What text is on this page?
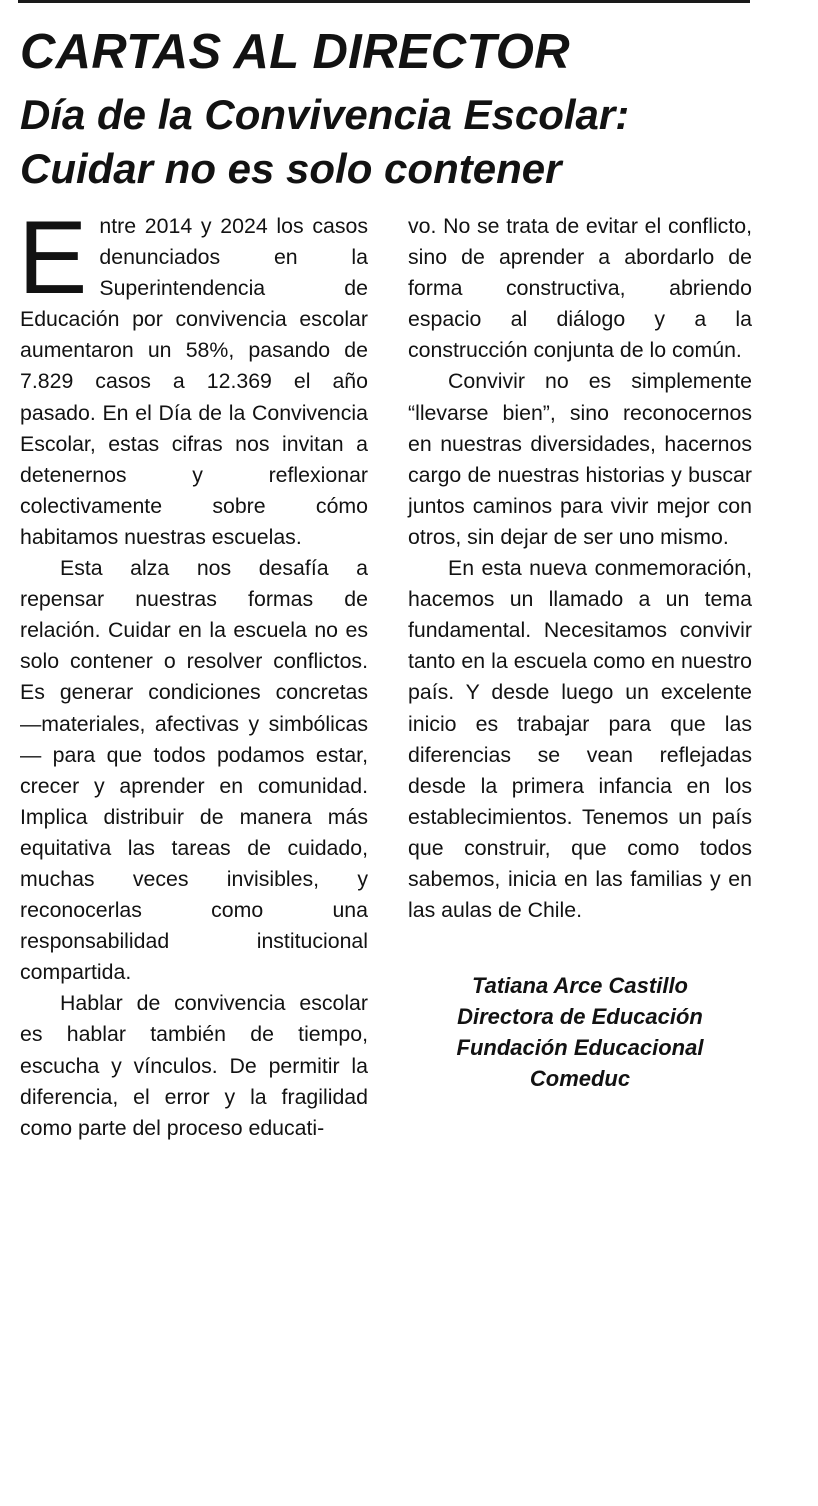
CARTAS AL DIRECTOR
Día de la Convivencia Escolar:
Cuidar no es solo contener

Entre 2014 y 2024 los casos denunciados en la Superintendencia de Educación por convivencia escolar aumentaron un 58%, pasando de 7.829 casos a 12.369 el año pasado. En el Día de la Convivencia Escolar, estas cifras nos invitan a detenernos y reflexionar colectivamente sobre cómo habitamos nuestras escuelas.

Esta alza nos desafía a repensar nuestras formas de relación. Cuidar en la escuela no es solo contener o resolver conflictos. Es generar condiciones concretas —materiales, afectivas y simbólicas— para que todos podamos estar, crecer y aprender en comunidad. Implica distribuir de manera más equitativa las tareas de cuidado, muchas veces invisibles, y reconocerlas como una responsabilidad institucional compartida.

Hablar de convivencia escolar es hablar también de tiempo, escucha y vínculos. De permitir la diferencia, el error y la fragilidad como parte del proceso educati-

vo. No se trata de evitar el conflicto, sino de aprender a abordarlo de forma constructiva, abriendo espacio al diálogo y a la construcción conjunta de lo común.

Convivir no es simplemente “llevarse bien”, sino reconocernos en nuestras diversidades, hacernos cargo de nuestras historias y buscar juntos caminos para vivir mejor con otros, sin dejar de ser uno mismo.

En esta nueva conmemoración, hacemos un llamado a un tema fundamental. Necesitamos convivir tanto en la escuela como en nuestro país. Y desde luego un excelente inicio es trabajar para que las diferencias se vean reflejadas desde la primera infancia en los establecimientos. Tenemos un país que construir, que como todos sabemos, inicia en las familias y en las aulas de Chile.

Tatiana Arce Castillo
Directora de Educación
Fundación Educacional
Comeduc
